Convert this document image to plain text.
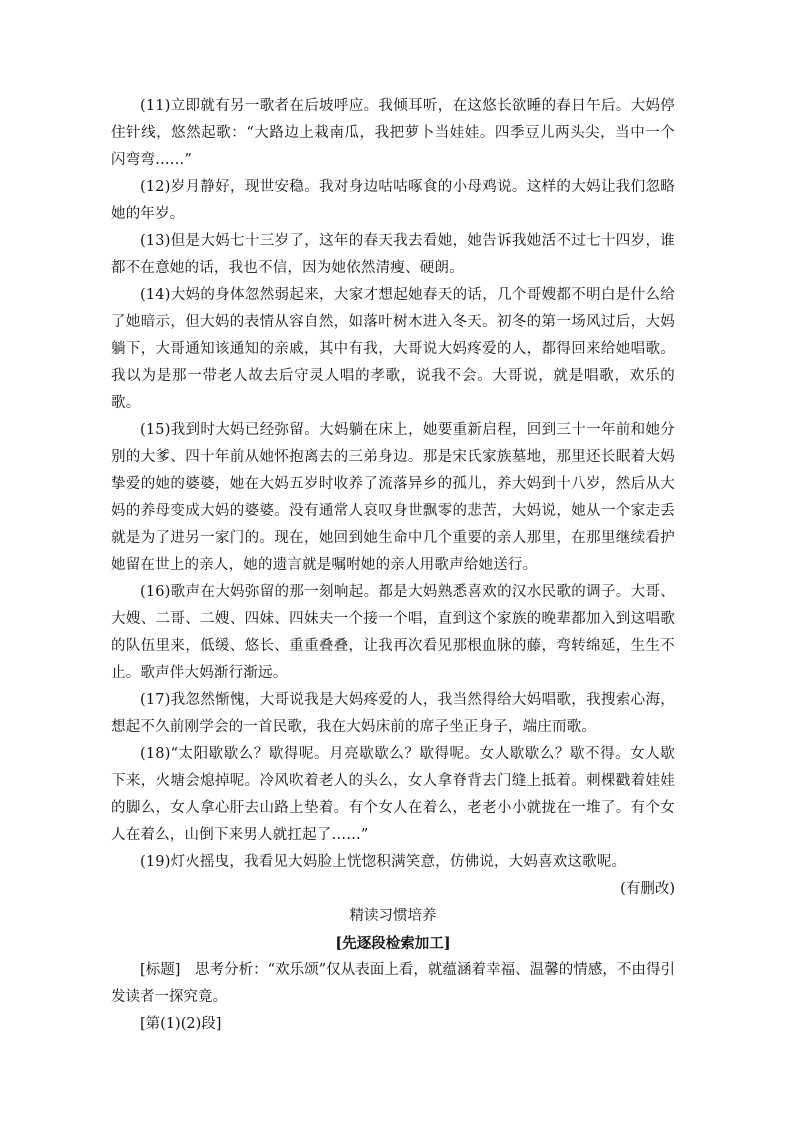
(11)立即就有另一歌者在后坡呼应。我倾耳听，在这悠长欲睡的春日午后。大妈停住针线，悠然起歌：“大路边上栽南瓜，我把萝卜当娃娃。四季豆儿两头尖，当中一个闪弯弯……”

(12)岁月静好，现世安稳。我对身边咕咕啄食的小母鸡说。这样的大妈让我们忽略她的年岁。

(13)但是大妈七十三岁了，这年的春天我去看她，她告诉我她活不过七十四岁，谁都不在意她的话，我也不信，因为她依然清瘦、硬朗。

(14)大妈的身体忽然弱起来，大家才想起她春天的话，几个哥嫂都不明白是什么给了她暗示，但大妈的表情从容自然，如落叶树木进入冬天。初冬的第一场风过后，大妈躺下，大哥通知该通知的亲戚，其中有我，大哥说大妈疼爱的人，都得回来给她唱歌。我以为是那一带老人故去后守灵人唱的孝歌，说我不会。大哥说，就是唱歌，欢乐的歌。

(15)我到时大妈已经弥留。大妈躺在床上，她要重新启程，回到三十一年前和她分别的大爹、四十年前从她怀抱离去的三弟身边。那是宋氏家族墓地，那里还长眠着大妈挚爱的她的婆婆，她在大妈五岁时收养了流落异乡的孤儿，养大妈到十八岁，然后从大妈的养母变成大妈的婆婆。没有通常人哀叹身世飘零的悲苦，大妈说，她从一个家走丢就是为了进另一家门的。现在，她回到她生命中几个重要的亲人那里，在那里继续看护她留在世上的亲人，她的遗言就是嘱咐她的亲人用歌声给她送行。

(16)歌声在大妈弥留的那一刻响起。都是大妈熟悉喜欢的汉水民歌的调子。大哥、大嫂、二哥、二嫂、四妹、四妹夫一个接一个唱，直到这个家族的晚辈都加入到这唱歌的队伍里来，低缓、悠长、重重叠叠，让我再次看见那根血脉的藤，弯转绵延，生生不止。歌声伴大妈渐行渐远。

(17)我忽然惭愧，大哥说我是大妈疼爱的人，我当然得给大妈唱歌，我搜索心海，想起不久前刚学会的一首民歌，我在大妈床前的席子坐正身子，端庄而歌。

(18)“太阳歇歇么？歇得呢。月亮歇歇么？歇得呢。女人歇歇么？歇不得。女人歇下来，火塘会熄掉呢。冷风吹着老人的头么，女人拿脊背去门缝上抵着。刺棵戳着娃娃的脚么，女人拿心肝去山路上垫着。有个女人在着么，老老小小就拢在一堆了。有个女人在着么，山倒下来男人就扛起了……”

(19)灯火摇曳，我看见大妈脸上恍惚积满笑意，仿佛说，大妈喜欢这歌呢。

(有删改)

精读习惯培养

[先逐段检索加工]

[标题]　思考分析：“欢乐颂”仅从表面上看，就蕴涵着幸福、温馨的情感，不由得引发读者一探究竟。

[第(1)(2)段]
